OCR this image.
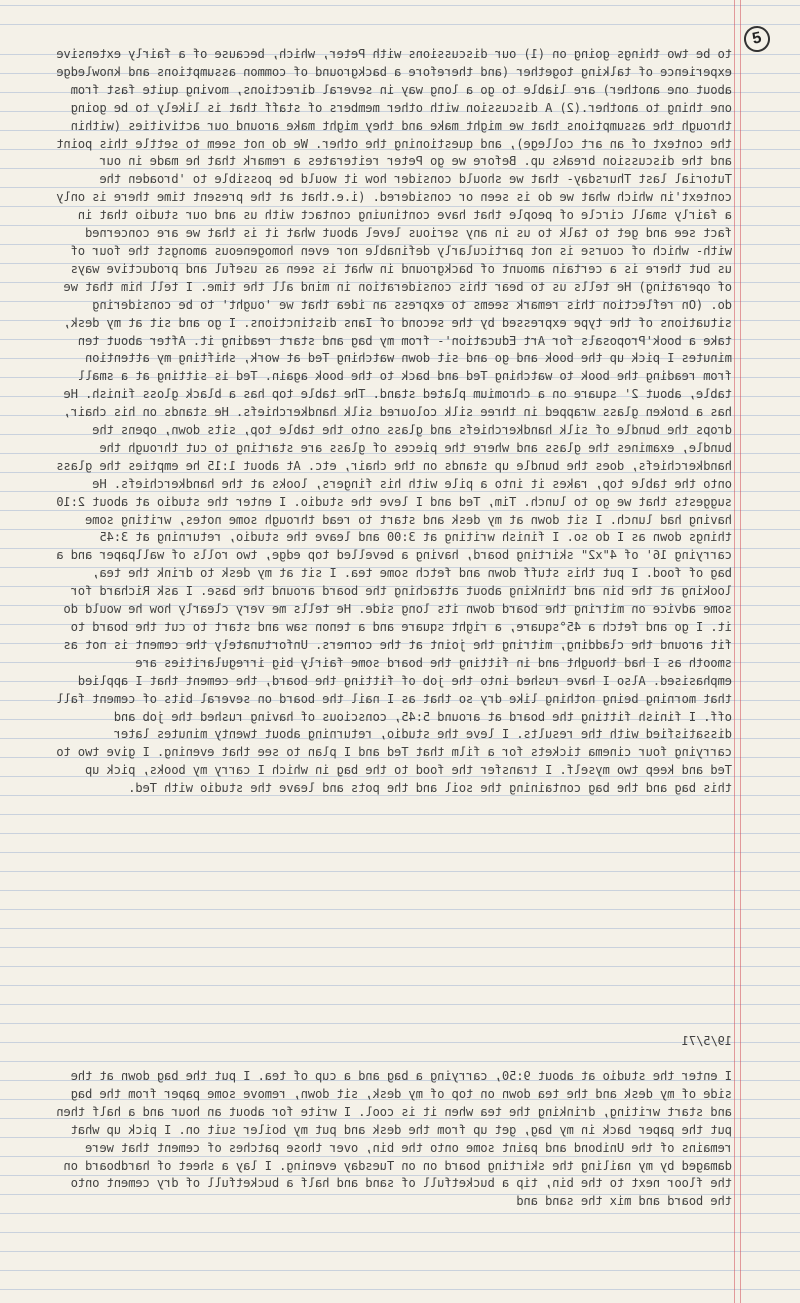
5
to be two things going on (1) our discussions with Peter, which, because of a fairly extensive experience of talking together (and therefore a background of common assumptions and knowledge about one another) are liable to go a long way in several directions, moving quite fast from one thing to another.(2) A discussion with other members of staff that is likely to be going through the assumptions that we might make and they might make around our activities (within the context of an art college), and questioning the other. We do not seem to settle this point and the discussion breaks up. Before we go Peter reiterates a remark that he made in our Tutorial last Thursday- that we should consider how it would be possible to 'broaden the context'in which what we do is seen or considered. (i.e.that at the present time there is only a fairly small circle of people that have continuing contact with us and our studio that in fact see and get to talk to us in any serious level about what it is that we are concerned with- which of course is not particularly definable nor even homogeneous amongst the four of us but there is a certain amount of background in what is seen as useful and productive ways of operating) He tells us to bear this consideration in mind all the time. I tell him that we do. (On reflection this remark seems to express an idea that we 'ought' to be considering situations of the type expressed by the second of Ians distinctions. I go and sit at my desk, take a book'Proposals for Art Education'- from my bag and start reading it. After about ten minutes I pick up the book and go and sit down watching Ted at work, shifting my attention from reading the book to watching Ted and back to the book again. Ted is sitting at a small table, about 2' square on a chromium plated stand. The table top has a black gloss finish. He has a broken glass wrapped in three silk coloured silk handkerchiefs. He stands on his chair, drops the bundle of silk handkerchiefs and glass onto the table top, sits down, opens the bundle, examines the glass and where the pieces of glass are starting to cut through the handkerchiefs, does the bundle up stands on the chair, etc. At about 1:15 he empties the glass onto the table top, rakes it into a pile with his fingers, looks at the handkerchiefs. He suggests that we go to lunch. Tim, Ted and I leve the studio. I enter the studio at about 2:10 having had lunch. I sit down at my desk and start to read through some notes, writing some things down as I do so. I finish writing at 3:00 and leave the studio, returning at 3:45 carrying 16' of 4"x2" skirting board, having a bevelled top edge, two rolls of wallpaper and a bag of food. I put this stuff down and fetch some tea. I sit at my desk to drink the tea, looking at the bin and thinking about attaching the board around the base. I ask Richard for some advice on mitring the board down its long side. He tells me very clearly how he would do it. I go and fetch a 45°square, a right square and a tenon saw and start to cut the board to fit around the cladding, mitring the joint at the corners. Unfortunately the cement is not as smooth as I had thought and in fitting the board some fairly big irregularities are emphasised. Also I have rushed into the job of fitting the board, the cement that I applied that morning being nothing like dry so that as I nail the board on several bits of cement fall off. I finish fitting the board at around 5:45, conscious of having rushed the job and dissatisfied with the results. I leve the studio, returning about twenty minutes later carrying four cinema tickets for a film that Ted and I plan to see that evening. I give two to Ted and keep two myself. I transfer the food to the bag in which I carry my books, pick up this bag and the bag containing the soil and the pots and leave the studio with Ted.
19/5/71
I enter the studio at about 9:50, carrying a bag and a cup of tea. I put the bag down at the side of my desk and the tea down on top of my desk, sit down, remove some paper from the bag and start writing, drinking the tea when it is cool. I write for about an hour and a half then put the paper back in my bag, get up from the desk and put my boiler suit on. I pick up what remains of the Unibond and paint some onto the bin, over those patches of cement that were damaged by my nailing the skirting board on on Tuesday evening. I lay a sheet of hardboard on the floor next to the bin, tip a bucketfull of sand and half a bucketfull of dry cement onto the board and mix the sand and
